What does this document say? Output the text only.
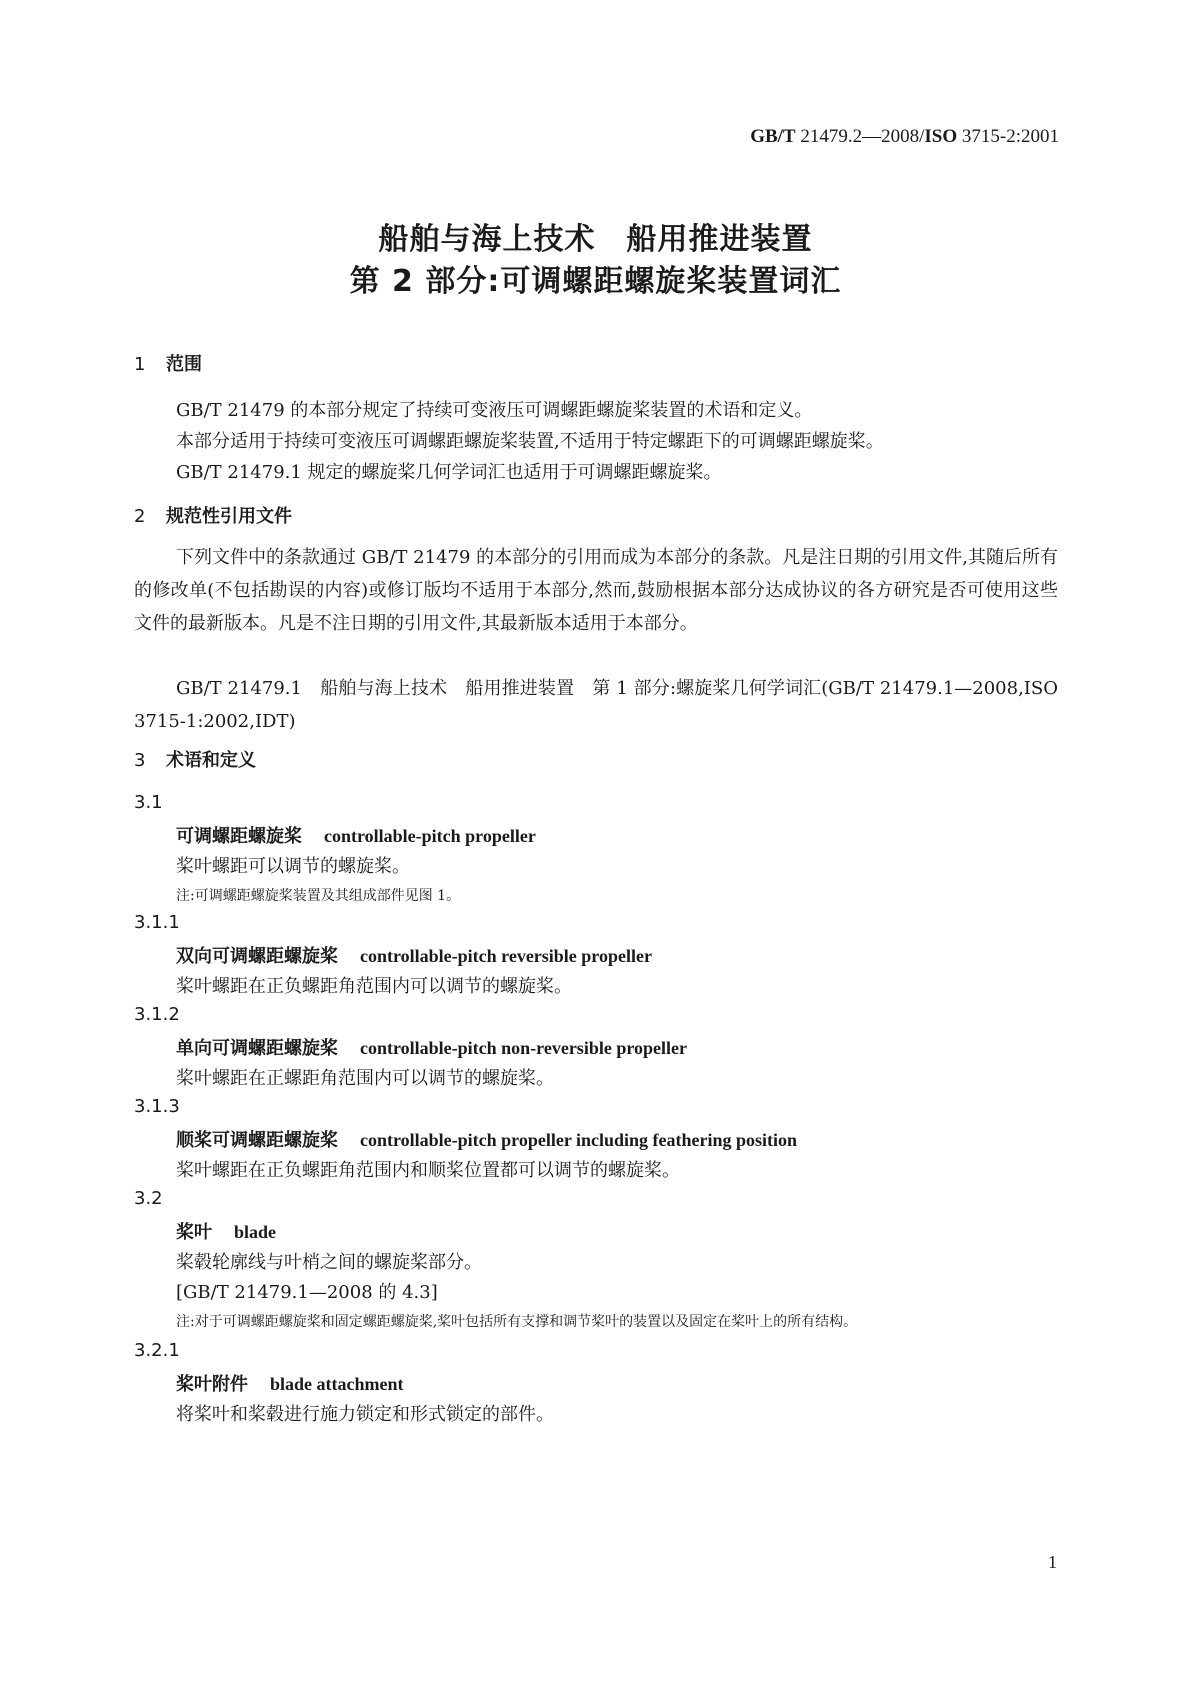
GB/T 21479.2—2008/ISO 3715-2:2001
船舶与海上技术　船用推进装置
第 2 部分:可调螺距螺旋桨装置词汇
1 范围
GB/T 21479 的本部分规定了持续可变液压可调螺距螺旋桨装置的术语和定义。
本部分适用于持续可变液压可调螺距螺旋桨装置,不适用于特定螺距下的可调螺距螺旋桨。
GB/T 21479.1 规定的螺旋桨几何学词汇也适用于可调螺距螺旋桨。
2 规范性引用文件
下列文件中的条款通过 GB/T 21479 的本部分的引用而成为本部分的条款。凡是注日期的引用文件,其随后所有的修改单(不包括勘误的内容)或修订版均不适用于本部分,然而,鼓励根据本部分达成协议的各方研究是否可使用这些文件的最新版本。凡是不注日期的引用文件,其最新版本适用于本部分。
GB/T 21479.1　船舶与海上技术　船用推进装置　第 1 部分:螺旋桨几何学词汇(GB/T 21479.1—2008,ISO 3715-1:2002,IDT)
3 术语和定义
3.1
可调螺距螺旋桨 controllable-pitch propeller
桨叶螺距可以调节的螺旋桨。
注:可调螺距螺旋桨装置及其组成部件见图 1。
3.1.1
双向可调螺距螺旋桨 controllable-pitch reversible propeller
桨叶螺距在正负螺距角范围内可以调节的螺旋桨。
3.1.2
单向可调螺距螺旋桨 controllable-pitch non-reversible propeller
桨叶螺距在正螺距角范围内可以调节的螺旋桨。
3.1.3
顺桨可调螺距螺旋桨 controllable-pitch propeller including feathering position
桨叶螺距在正负螺距角范围内和顺桨位置都可以调节的螺旋桨。
3.2
桨叶 blade
桨毂轮廓线与叶梢之间的螺旋桨部分。
[GB/T 21479.1—2008 的 4.3]
注:对于可调螺距螺旋桨和固定螺距螺旋桨,桨叶包括所有支撑和调节桨叶的装置以及固定在桨叶上的所有结构。
3.2.1
桨叶附件 blade attachment
将桨叶和桨毂进行施力锁定和形式锁定的部件。
1
